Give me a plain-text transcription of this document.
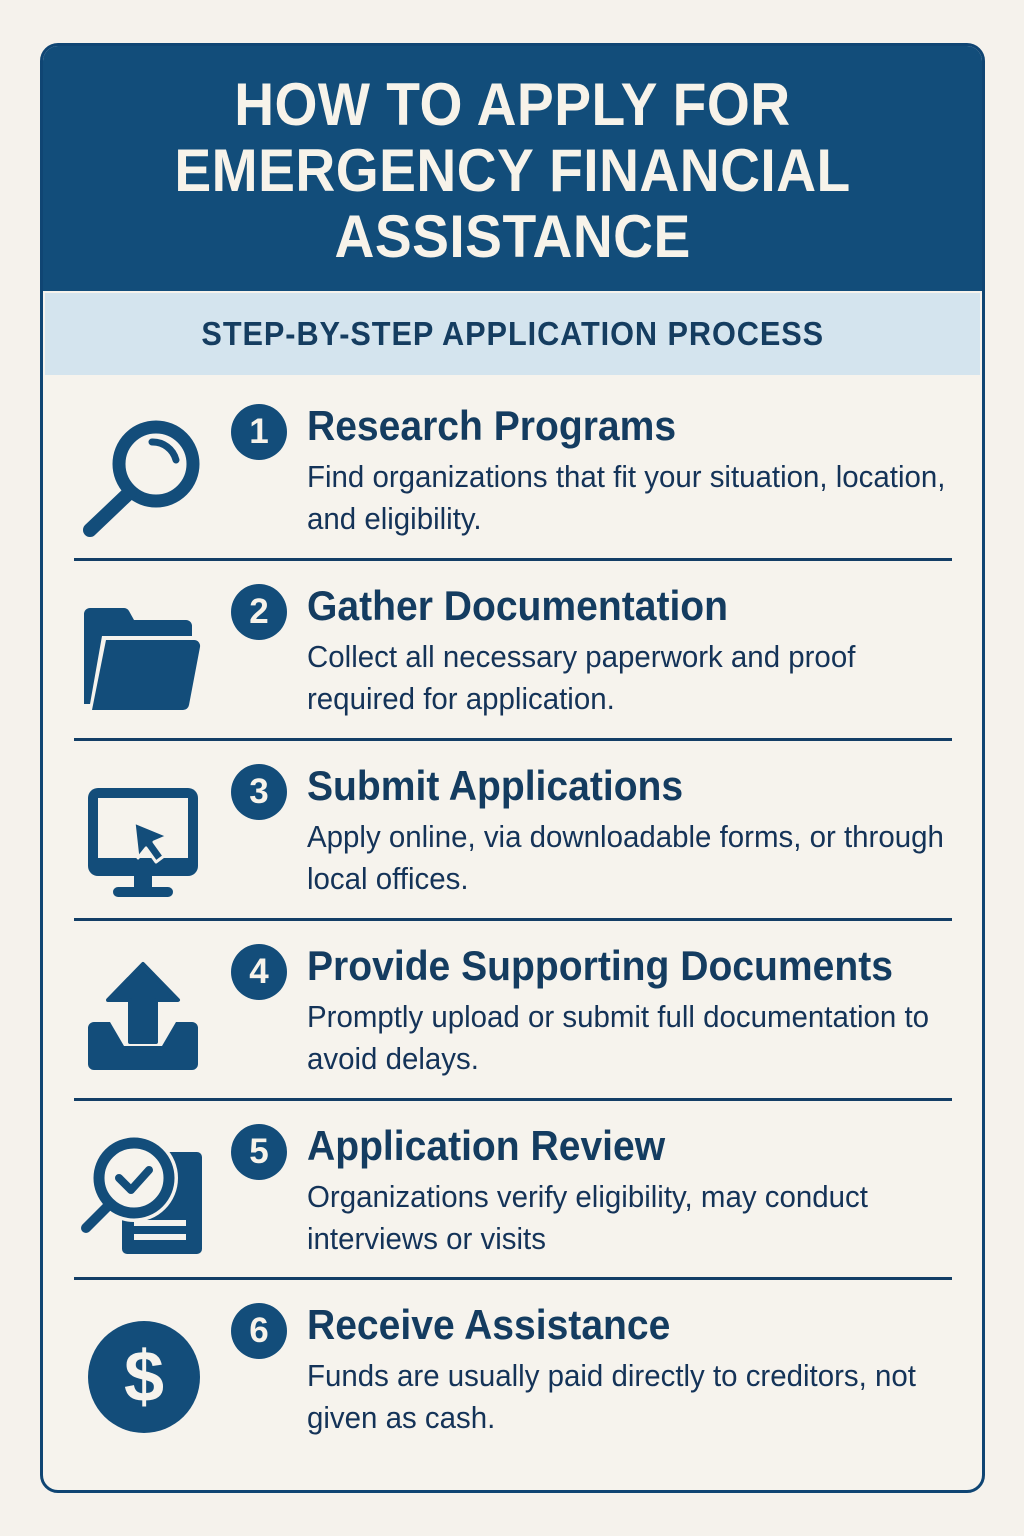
HOW TO APPLY FOR
EMERGENCY FINANCIAL
ASSISTANCE
STEP-BY-STEP APPLICATION PROCESS
1 Research Programs
Find organizations that fit your situation, location, and eligibility.
2 Gather Documentation
Collect all necessary paperwork and proof required for application.
3 Submit Applications
Apply online, via downloadable forms, or through local offices.
4 Provide Supporting Documents
Promptly upload or submit full documentation to avoid delays.
5 Application Review
Organizations verify eligibility, may conduct interviews or visits
$
6 Receive Assistance
Funds are usually paid directly to creditors, not given as cash.
